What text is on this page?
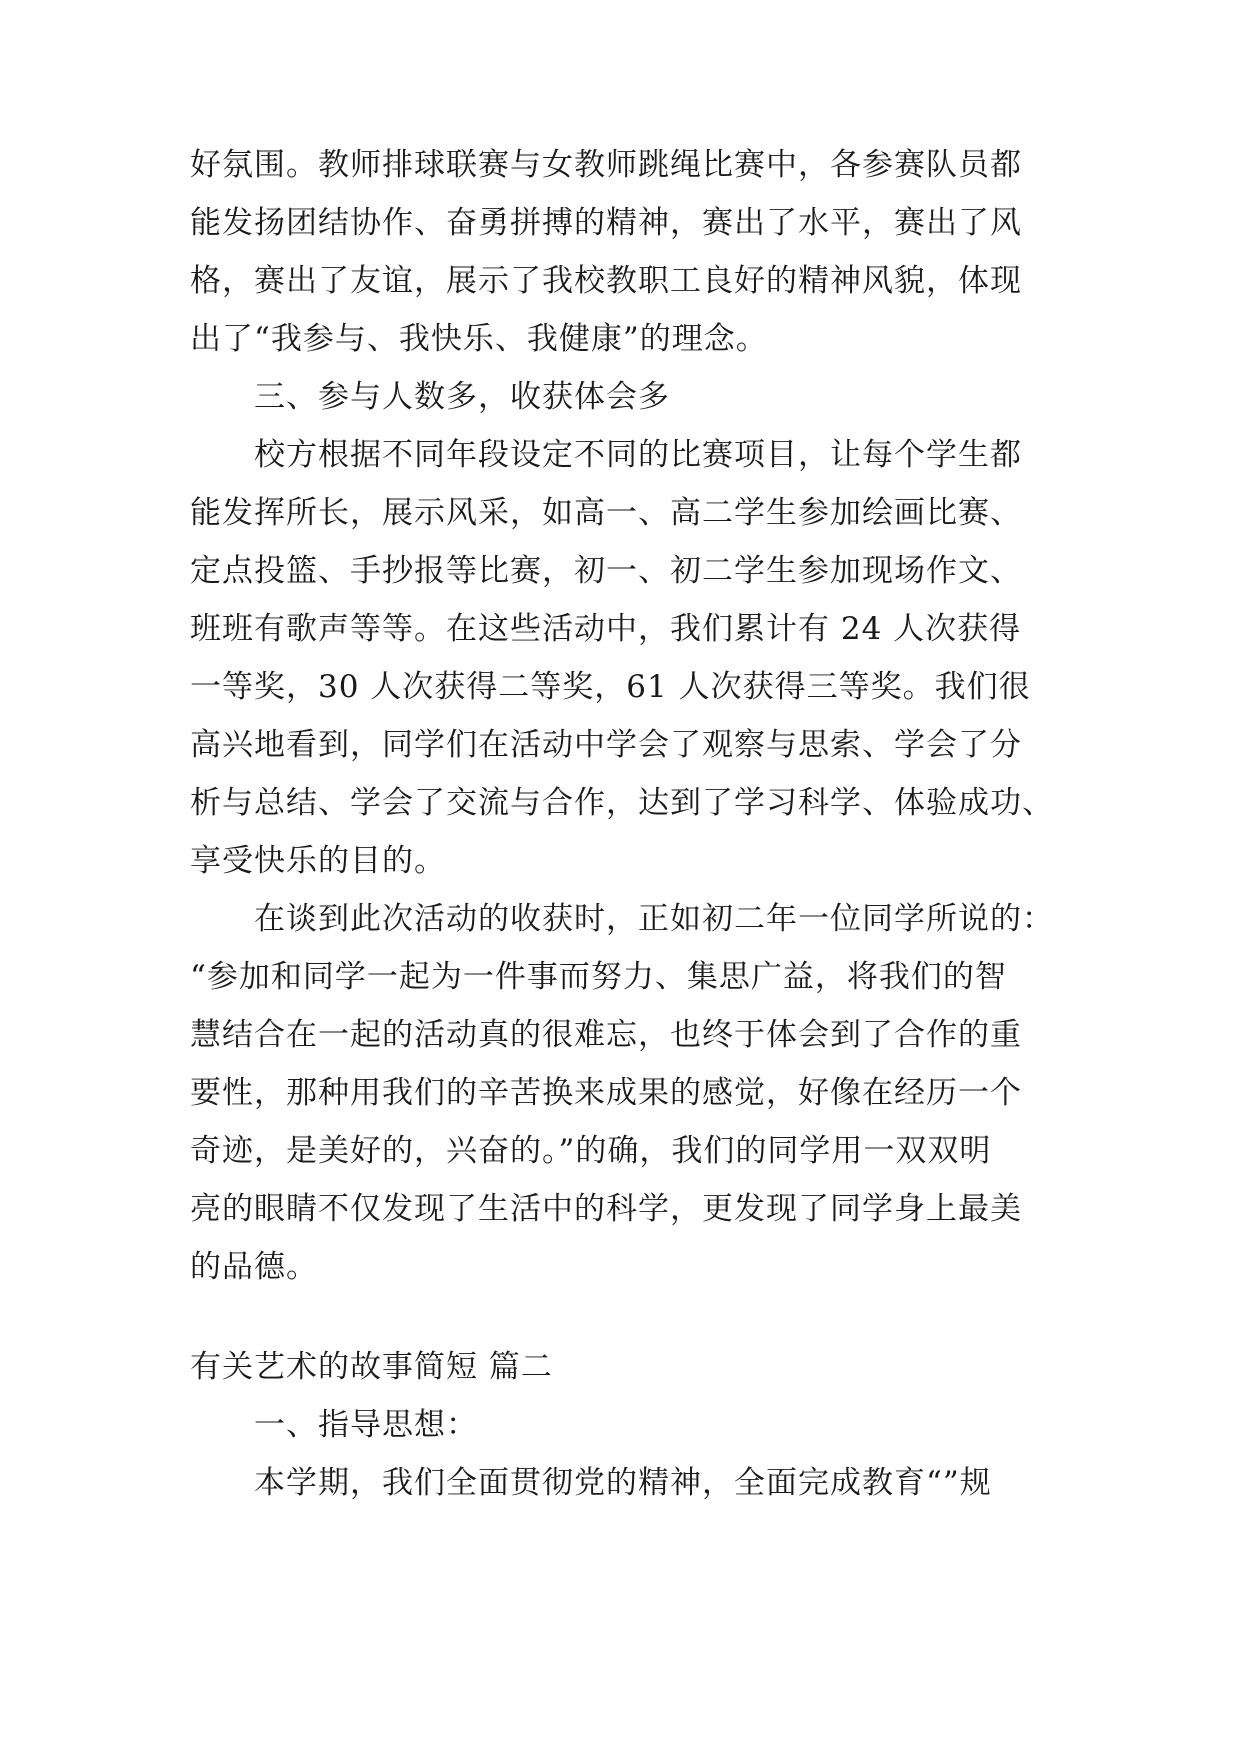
好氛围。教师排球联赛与女教师跳绳比赛中，各参赛队员都
能发扬团结协作、奋勇拼搏的精神，赛出了水平，赛出了风
格，赛出了友谊，展示了我校教职工良好的精神风貌，体现
出了“我参与、我快乐、我健康”的理念。
三、参与人数多，收获体会多
校方根据不同年段设定不同的比赛项目，让每个学生都
能发挥所长，展示风采，如高一、高二学生参加绘画比赛、
定点投篮、手抄报等比赛，初一、初二学生参加现场作文、
班班有歌声等等。在这些活动中，我们累计有 24 人次获得
一等奖，30 人次获得二等奖，61 人次获得三等奖。我们很
高兴地看到，同学们在活动中学会了观察与思索、学会了分
析与总结、学会了交流与合作，达到了学习科学、体验成功、
享受快乐的目的。
在谈到此次活动的收获时，正如初二年一位同学所说的：
“参加和同学一起为一件事而努力、集思广益，将我们的智
慧结合在一起的活动真的很难忘，也终于体会到了合作的重
要性，那种用我们的辛苦换来成果的感觉，好像在经历一个
奇迹，是美好的，兴奋的。”的确，我们的同学用一双双明
亮的眼睛不仅发现了生活中的科学，更发现了同学身上最美
的品德。
有关艺术的故事简短 篇二
一、指导思想：
本学期，我们全面贯彻党的精神，全面完成教育“”规
